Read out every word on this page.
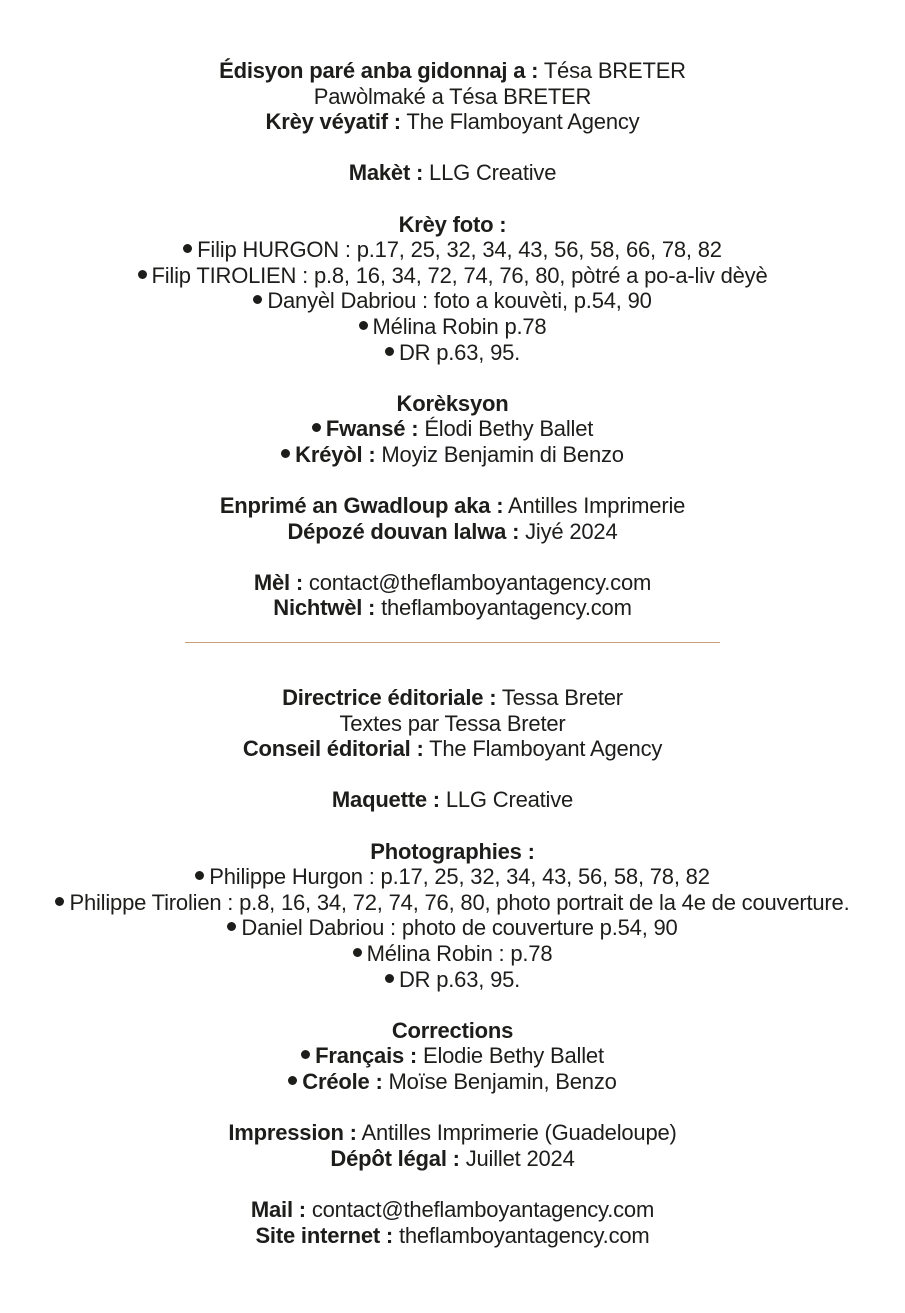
Édisyon paré anba gidonnaj a : Tésa BRETER
Pawòlmaké a Tésa BRETER
Krèy véyatif : The Flamboyant Agency
Makèt : LLG Creative
Krèy foto :
Filip HURGON : p.17, 25, 32, 34, 43, 56, 58, 66, 78, 82
Filip TIROLIEN : p.8, 16, 34, 72, 74, 76, 80, pòtré a po-a-liv dèyè
Danyèl Dabriou : foto a kouvèti, p.54, 90
Mélina Robin p.78
DR p.63, 95.
Korèksyon
Fwansé : Élodi Bethy Ballet
Kréyòl : Moyiz Benjamin di Benzo
Enprimé an Gwadloup aka : Antilles Imprimerie
Dépozé douvan lalwa : Jiyé 2024
Mèl : contact@theflamboyantagency.com
Nichtwèl : theflamboyantagency.com
Directrice éditoriale : Tessa Breter
Textes par Tessa Breter
Conseil éditorial : The Flamboyant Agency
Maquette : LLG Creative
Photographies :
Philippe Hurgon : p.17, 25, 32, 34, 43, 56, 58, 78, 82
Philippe Tirolien : p.8, 16, 34, 72, 74, 76, 80, photo portrait de la 4e de couverture.
Daniel Dabriou : photo de couverture p.54, 90
Mélina Robin : p.78
DR p.63, 95.
Corrections
Français : Elodie Bethy Ballet
Créole : Moïse Benjamin, Benzo
Impression : Antilles Imprimerie (Guadeloupe)
Dépôt légal : Juillet 2024
Mail : contact@theflamboyantagency.com
Site internet : theflamboyantagency.com
